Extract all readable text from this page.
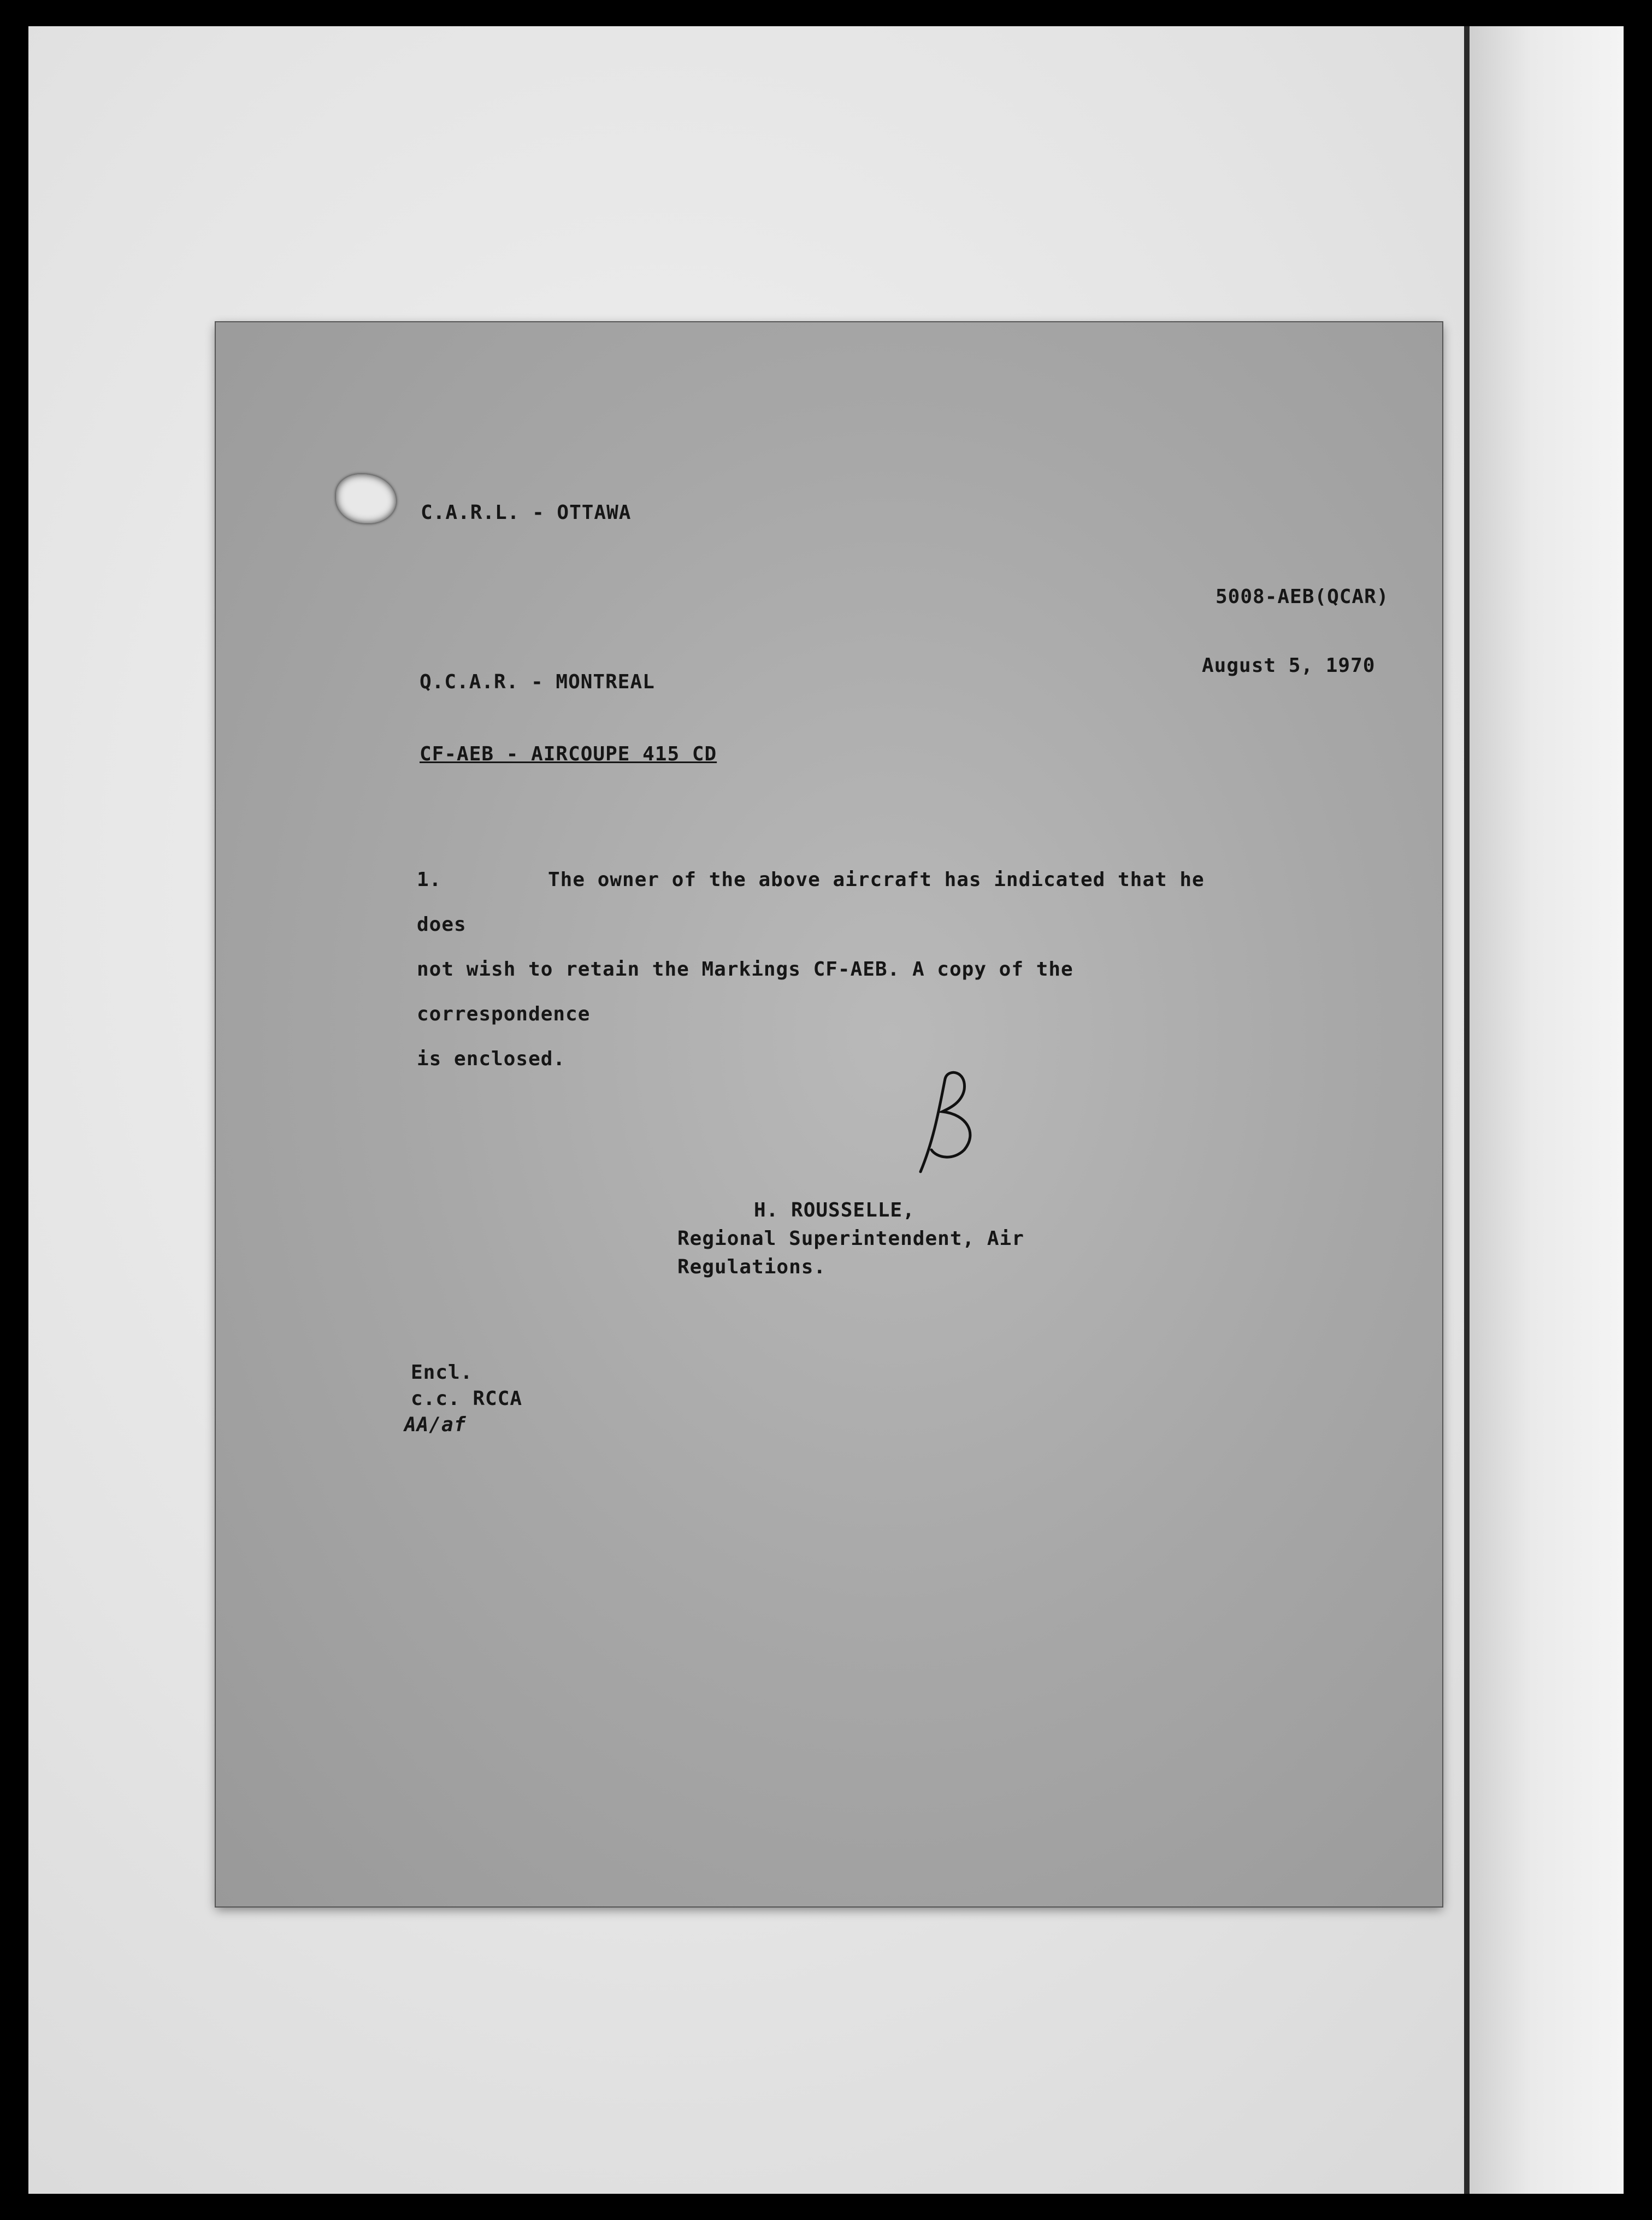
C.A.R.L. - OTTAWA
5008-AEB(QCAR)
August 5, 1970
Q.C.A.R. - MONTREAL
CF-AEB - AIRCOUPE 415 CD
1.	The owner of the above aircraft has indicated that he does
not wish to retain the Markings CF-AEB. A copy of the correspondence
is enclosed.
H. ROUSSELLE,
Regional Superintendent, Air Regulations.
Encl.
c.c. RCCA
AA/af
